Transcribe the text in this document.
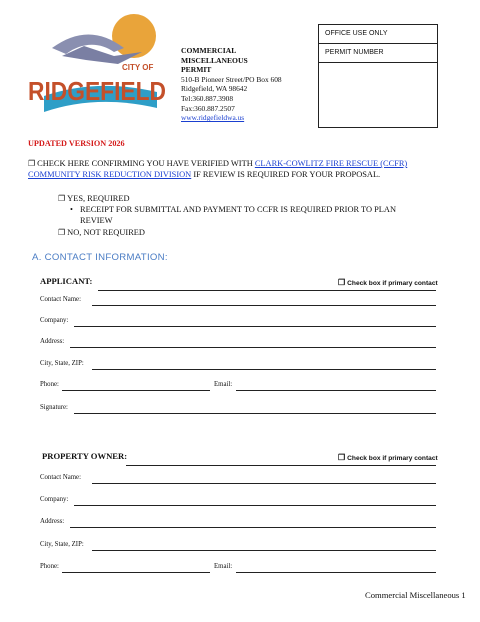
CITY OF
RIDGEFIELD
WASHINGTON
COMMERCIAL
MISCELLANEOUS
PERMIT
510-B Pioneer Street/PO Box 608
Ridgefield, WA 98642
Tel:360.887.3908
Fax:360.887.2507
www.ridgefieldwa.us
OFFICE USE ONLY
PERMIT NUMBER
UPDATED VERSION 2026
❐ CHECK HERE CONFIRMING YOU HAVE VERIFIED WITH CLARK-COWLITZ FIRE RESCUE (CCFR) COMMUNITY RISK REDUCTION DIVISION IF REVIEW IS REQUIRED FOR YOUR PROPOSAL.
❐ YES, REQUIRED
• RECEIPT FOR SUBMITTAL AND PAYMENT TO CCFR IS REQUIRED PRIOR TO PLAN REVIEW
❐ NO, NOT REQUIRED
A. CONTACT INFORMATION:
APPLICANT:	❐ Check box if primary contact
Contact Name:
Company:
Address:
City, State, ZIP:
Phone:	Email:
Signature:
PROPERTY OWNER:	❐ Check box if primary contact
Contact Name:
Company:
Address:
City, State, ZIP:
Phone:	Email:
Commercial Miscellaneous 1
